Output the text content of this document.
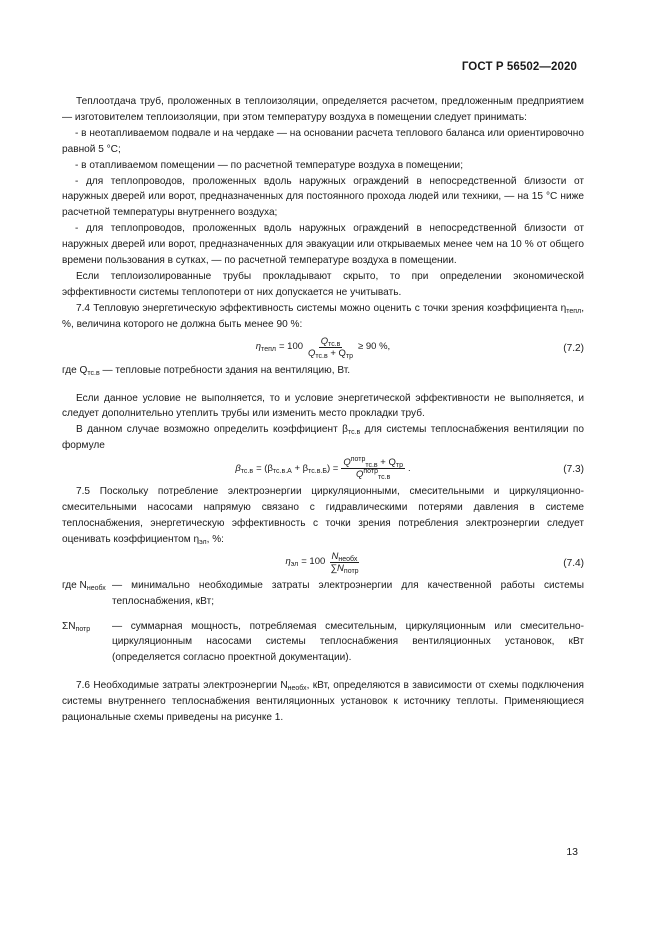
ГОСТ Р 56502—2020

Теплоотдача труб, проложенных в теплоизоляции, определяется расчетом, предложенным предприятием — изготовителем теплоизоляции, при этом температуру воздуха в помещении следует принимать:

- в неотапливаемом подвале и на чердаке — на основании расчета теплового баланса или ориентировочно равной 5 °С;

- в отапливаемом помещении — по расчетной температуре воздуха в помещении;

- для теплопроводов, проложенных вдоль наружных ограждений в непосредственной близости от наружных дверей или ворот, предназначенных для постоянного прохода людей или техники, — на 15 °С ниже расчетной температуры внутреннего воздуха;

- для теплопроводов, проложенных вдоль наружных ограждений в непосредственной близости от наружных дверей или ворот, предназначенных для эвакуации или открываемых менее чем на 10 % от общего времени пользования в сутках, — по расчетной температуре воздуха в помещении.

Если теплоизолированные трубы прокладывают скрыто, то при определении экономической эффективности системы теплопотери от них допускается не учитывать.

7.4 Тепловую энергетическую эффективность системы можно оценить с точки зрения коэффициента $\eta_{тепл}$, %, величина которого не должна быть менее 90 %:

$\eta_{тепл} = 100 \frac{Q_{тс.в}}{Q_{тс.в} + Q_{тр}} \ge 90$ %,	(7.2)

где $Q_{тс.в}$ — тепловые потребности здания на вентиляцию, Вт.

Если данное условие не выполняется, то и условие энергетической эффективности не выполняется, и следует дополнительно утеплить трубы или изменить место прокладки труб.

В данном случае возможно определить коэффициент $\beta_{тс.в}$ для системы теплоснабжения вентиляции по формуле

$\beta_{тс.в} = (\beta_{тс.в.А} + \beta_{тс.в.Б}) = \frac{Q^{потр}_{тс.в} + Q_{тр}}{Q^{потр}_{тс.в}}$ .	(7.3)

7.5 Поскольку потребление электроэнергии циркуляционными, смесительными и циркуляционно-смесительными насосами напрямую связано с гидравлическими потерями давления в системе теплоснабжения, энергетическую эффективность с точки зрения потребления электроэнергии следует оценивать коэффициентом $\eta_{эл}$, %:

$\eta_{эл} = 100 \frac{N_{необх}}{\sum N_{потр}}$	(7.4)
где $N_{необх}$ — минимально необходимые затраты электроэнергии для качественной работы системы теплоснабжения, кВт;

$\Sigma N_{потр}$	— суммарная мощность, потребляемая смесительным, циркуляционным или смесительно-циркуляционным насосами системы теплоснабжения вентиляционных установок, кВт (определяется согласно проектной документации).

7.6 Необходимые затраты электроэнергии $N_{необх}$, кВт, определяются в зависимости от схемы подключения системы внутреннего теплоснабжения вентиляционных установок к источнику теплоты. Применяющиеся рациональные схемы приведены на рисунке 1.

13
